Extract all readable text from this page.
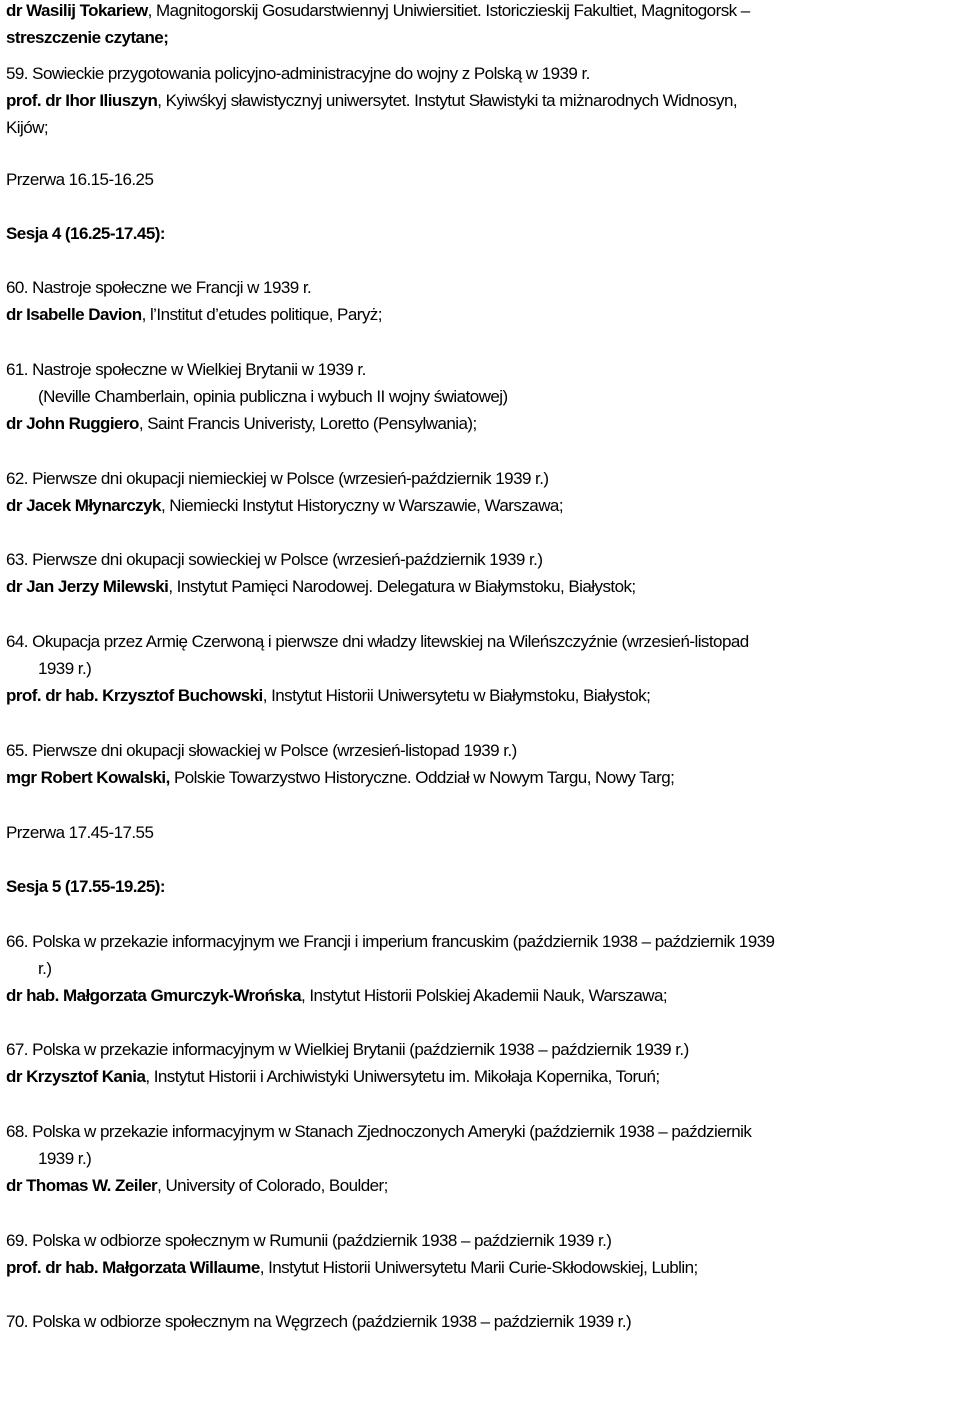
dr Wasilij Tokariew, Magnitogorskij Gosudarstwiennyj Uniwiersitiet. Istoriczieskij Fakultiet, Magnitogorsk –
streszczenie czytane;
59. Sowieckie przygotowania policyjno-administracyjne do wojny z Polską w 1939 r.
prof. dr Ihor Iliuszyn, Kyiwśkyj sławistycznyj uniwersytet. Instytut Sławistyki ta miżnarodnych Widnosyn,
Kijów;
Przerwa 16.15-16.25
Sesja 4 (16.25-17.45):
60. Nastroje społeczne we Francji w 1939 r.
dr Isabelle Davion, l’Institut d’etudes politique, Paryż;
61. Nastroje społeczne w Wielkiej Brytanii w 1939 r.
(Neville Chamberlain, opinia publiczna i wybuch II wojny światowej)
dr John Ruggiero, Saint Francis Univeristy, Loretto (Pensylwania);
62. Pierwsze dni okupacji niemieckiej w Polsce (wrzesień-październik 1939 r.)
dr Jacek Młynarczyk, Niemiecki Instytut Historyczny w Warszawie, Warszawa;
63. Pierwsze dni okupacji sowieckiej w Polsce (wrzesień-październik 1939 r.)
dr Jan Jerzy Milewski, Instytut Pamięci Narodowej. Delegatura w Białymstoku, Białystok;
64. Okupacja przez Armię Czerwoną i pierwsze dni władzy litewskiej na Wileńszczyźnie (wrzesień-listopad
1939 r.)
prof. dr hab. Krzysztof Buchowski, Instytut Historii Uniwersytetu w Białymstoku, Białystok;
65. Pierwsze dni okupacji słowackiej w Polsce (wrzesień-listopad 1939 r.)
mgr Robert Kowalski, Polskie Towarzystwo Historyczne. Oddział w Nowym Targu, Nowy Targ;
Przerwa 17.45-17.55
Sesja 5 (17.55-19.25):
66. Polska w przekazie informacyjnym we Francji i imperium francuskim (październik 1938 – październik 1939
r.)
dr hab. Małgorzata Gmurczyk-Wrońska, Instytut Historii Polskiej Akademii Nauk, Warszawa;
67. Polska w przekazie informacyjnym w Wielkiej Brytanii (październik 1938 – październik 1939 r.)
dr Krzysztof Kania, Instytut Historii i Archiwistyki Uniwersytetu im. Mikołaja Kopernika, Toruń;
68. Polska w przekazie informacyjnym w Stanach Zjednoczonych Ameryki (październik 1938 – październik
1939 r.)
dr Thomas W. Zeiler, University of Colorado, Boulder;
69. Polska w odbiorze społecznym w Rumunii (październik 1938 – październik 1939 r.)
prof. dr hab. Małgorzata Willaume, Instytut Historii Uniwersytetu Marii Curie-Skłodowskiej, Lublin;
70. Polska w odbiorze społecznym na Węgrzech (październik 1938 – październik 1939 r.)
